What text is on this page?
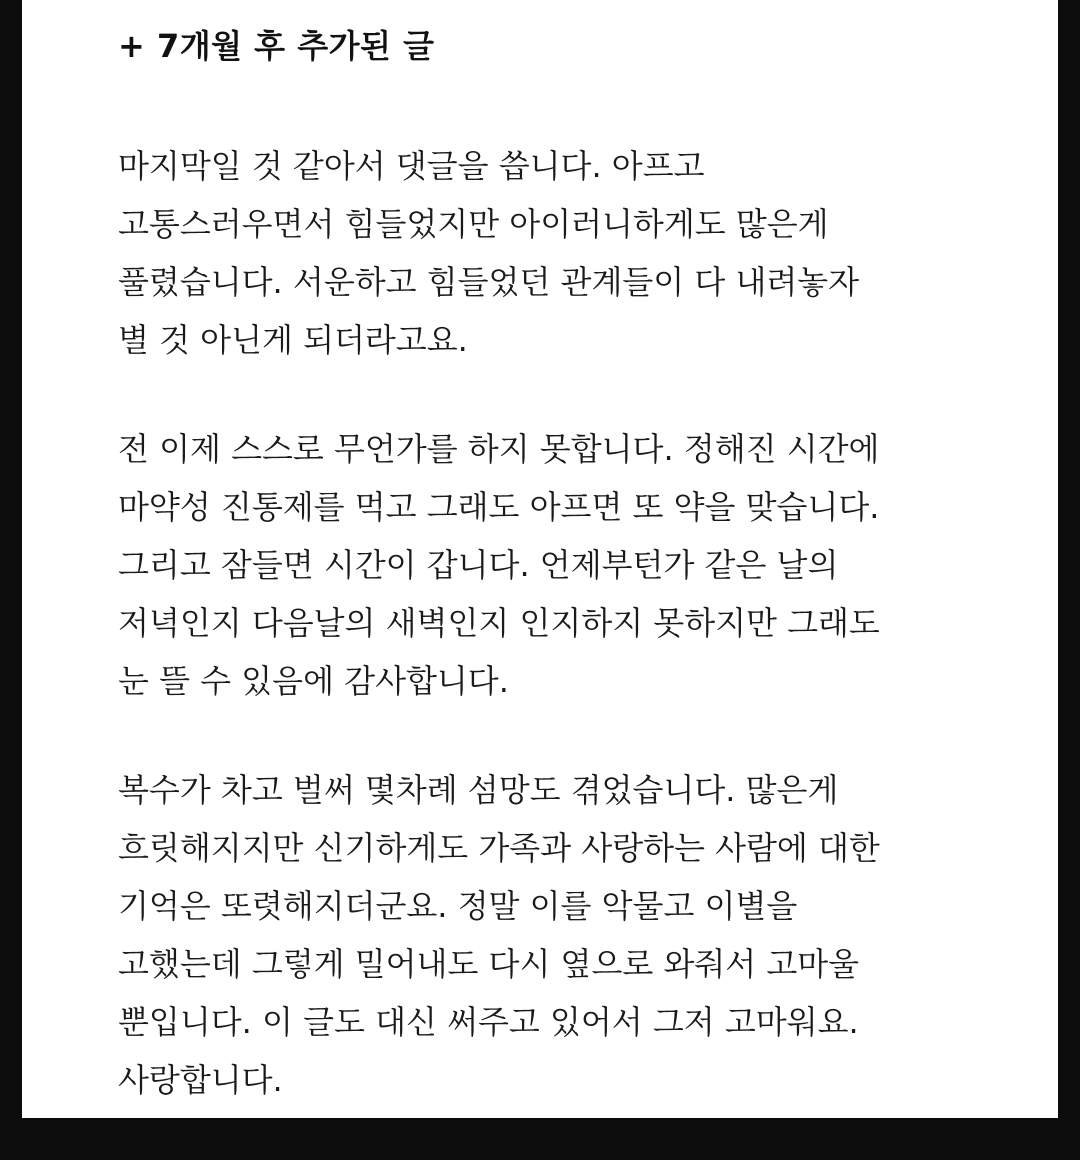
+ 7개월 후 추가된 글

마지막일 것 같아서 댓글을 씁니다. 아프고
고통스러우면서 힘들었지만 아이러니하게도 많은게
풀렸습니다. 서운하고 힘들었던 관계들이 다 내려놓자
별 것 아닌게 되더라고요.

전 이제 스스로 무언가를 하지 못합니다. 정해진 시간에
마약성 진통제를 먹고 그래도 아프면 또 약을 맞습니다.
그리고 잠들면 시간이 갑니다. 언제부턴가 같은 날의
저녁인지 다음날의 새벽인지 인지하지 못하지만 그래도
눈 뜰 수 있음에 감사합니다.

복수가 차고 벌써 몇차례 섬망도 겪었습니다. 많은게
흐릿해지지만 신기하게도 가족과 사랑하는 사람에 대한
기억은 또렷해지더군요. 정말 이를 악물고 이별을
고했는데 그렇게 밀어내도 다시 옆으로 와줘서 고마울
뿐입니다. 이 글도 대신 써주고 있어서 그저 고마워요.
사랑합니다.
